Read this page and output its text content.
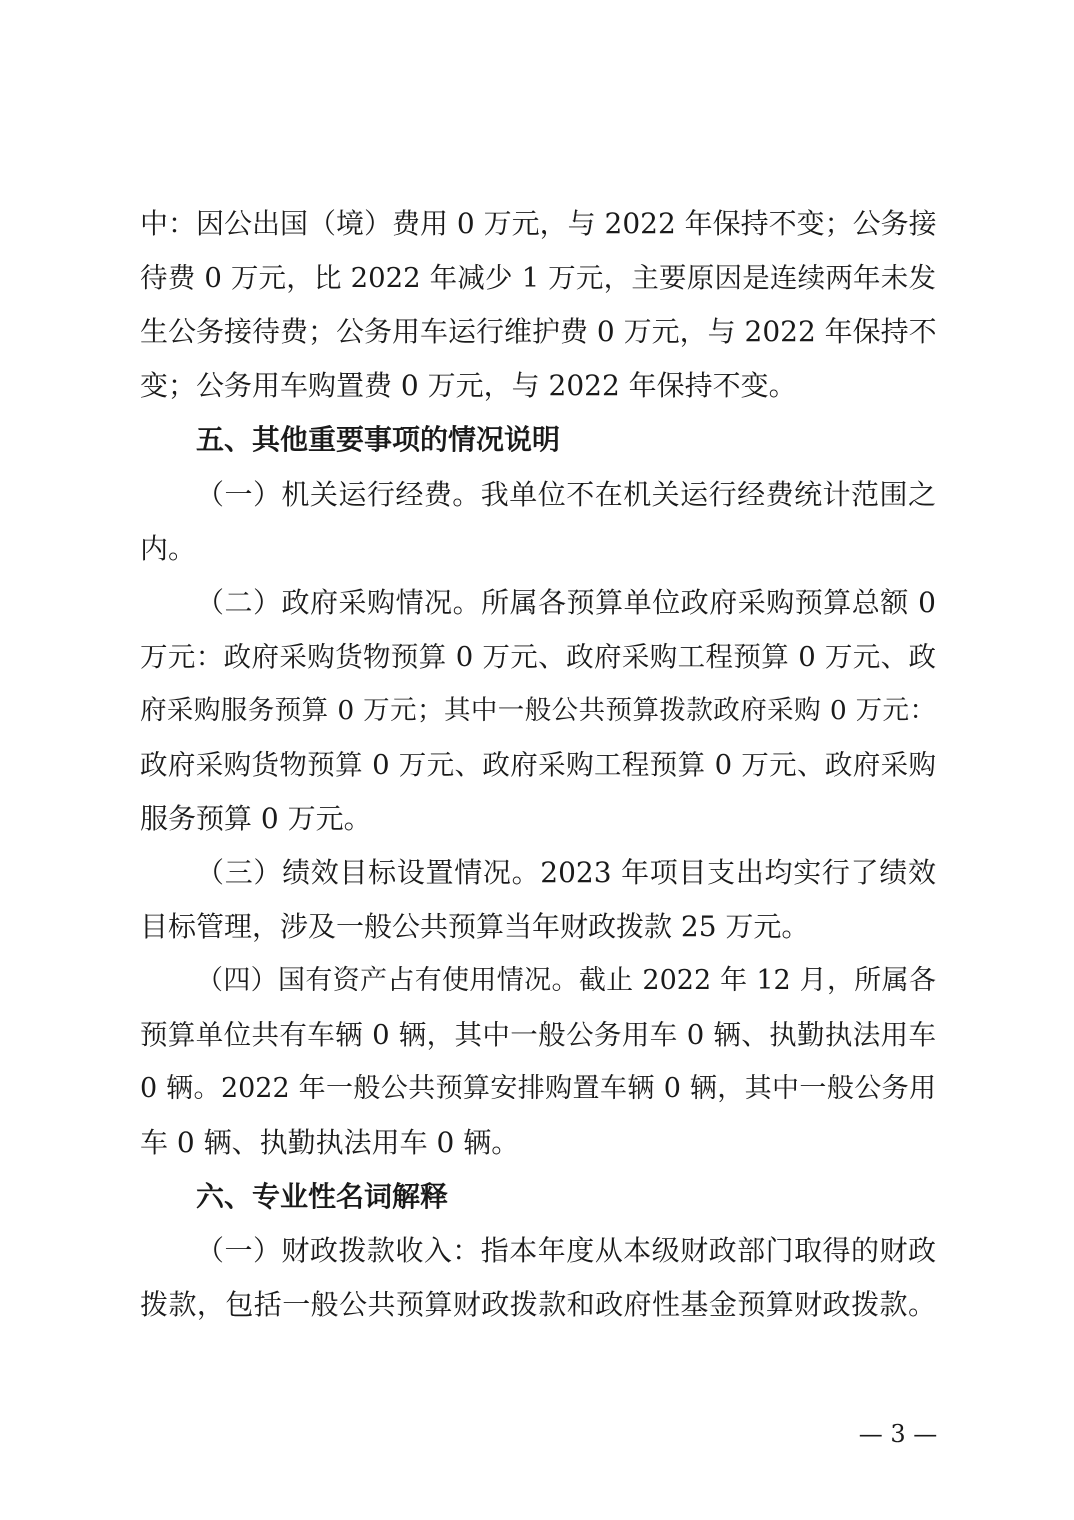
中：因公出国（境）费用 0 万元，与 2022 年保持不变；公务接
待费 0 万元，比 2022 年减少 1 万元，主要原因是连续两年未发
生公务接待费；公务用车运行维护费 0 万元，与 2022 年保持不
变；公务用车购置费 0 万元，与 2022 年保持不变。
五、其他重要事项的情况说明
（一）机关运行经费。我单位不在机关运行经费统计范围之
内。
（二）政府采购情况。所属各预算单位政府采购预算总额 0
万元：政府采购货物预算 0 万元、政府采购工程预算 0 万元、政
府采购服务预算 0 万元；其中一般公共预算拨款政府采购 0 万元：
政府采购货物预算 0 万元、政府采购工程预算 0 万元、政府采购
服务预算 0 万元。
（三）绩效目标设置情况。2023 年项目支出均实行了绩效
目标管理，涉及一般公共预算当年财政拨款 25 万元。
（四）国有资产占有使用情况。截止 2022 年 12 月，所属各
预算单位共有车辆 0 辆，其中一般公务用车 0 辆、执勤执法用车
0 辆。2022 年一般公共预算安排购置车辆 0 辆，其中一般公务用
车 0 辆、执勤执法用车 0 辆。
六、专业性名词解释
（一）财政拨款收入：指本年度从本级财政部门取得的财政
拨款，包括一般公共预算财政拨款和政府性基金预算财政拨款。
— 3 —
